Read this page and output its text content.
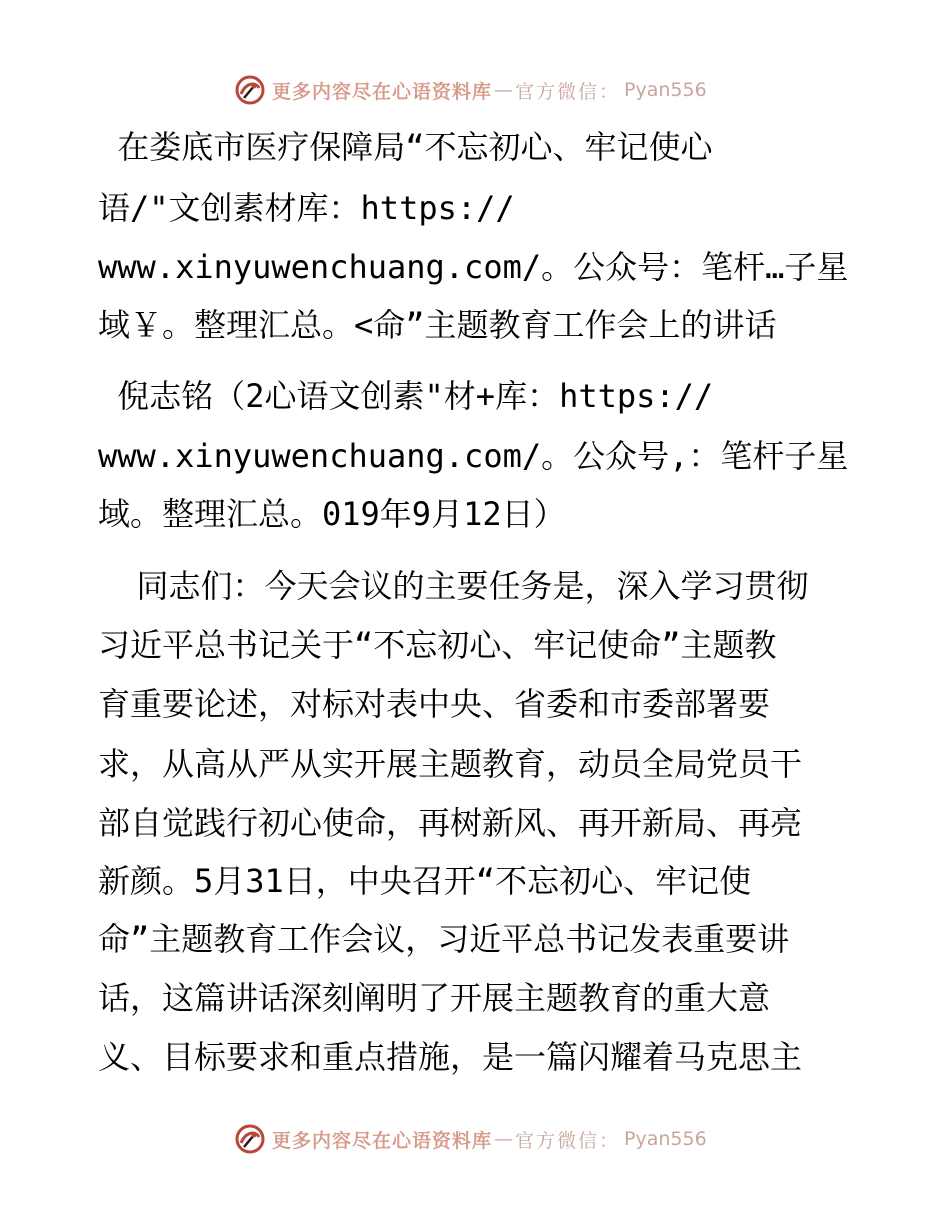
更多内容尽在心语资料库 — 官方微信： Pyan556

在娄底市医疗保障局“不忘初心、牢记使心

语/"文创素材库：https://

www.xinyuwenchuang.com/。公众号：笔杆…子星

域￥。整理汇总。<命”主题教育工作会上的讲话

倪志铭（2心语文创素"材+库：https://

www.xinyuwenchuang.com/。公众号,：笔杆子星

域。整理汇总。019年9月12日）

同志们：今天会议的主要任务是，深入学习贯彻

习近平总书记关于“不忘初心、牢记使命”主题教

育重要论述，对标对表中央、省委和市委部署要

求，从高从严从实开展主题教育，动员全局党员干

部自觉践行初心使命，再树新风、再开新局、再亮

新颜。5月31日，中央召开“不忘初心、牢记使

命”主题教育工作会议，习近平总书记发表重要讲

话，这篇讲话深刻阐明了开展主题教育的重大意

义、目标要求和重点措施，是一篇闪耀着马克思主

更多内容尽在心语资料库 — 官方微信： Pyan556
